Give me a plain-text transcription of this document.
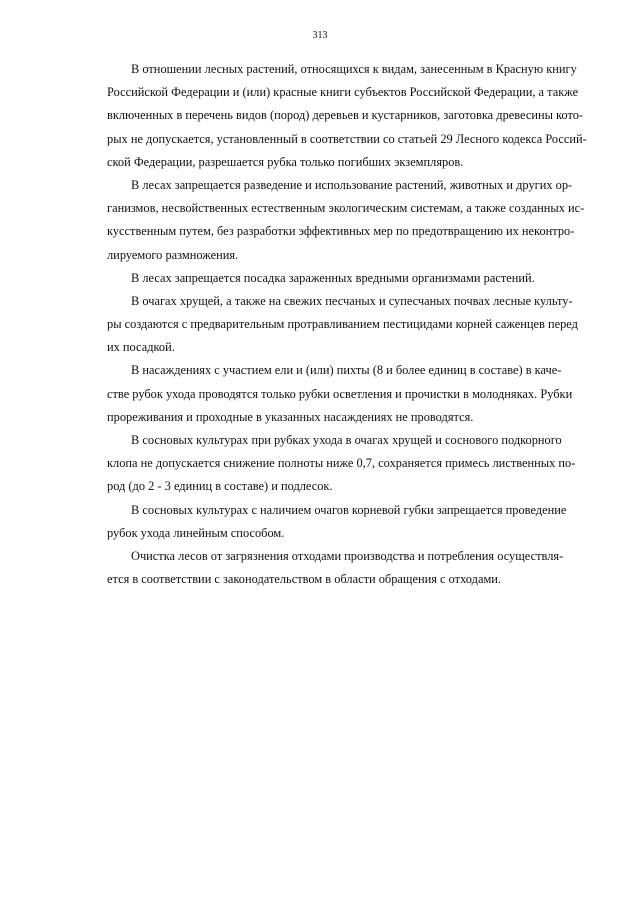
313
В отношении лесных растений, относящихся к видам, занесенным в Красную книгу
Российской Федерации и (или) красные книги субъектов Российской Федерации, а также
включенных в перечень видов (пород) деревьев и кустарников, заготовка древесины кото-
рых не допускается, установленный в соответствии со статьей 29 Лесного кодекса Россий-
ской Федерации, разрешается рубка только погибших экземпляров.
В лесах запрещается разведение и использование растений, животных и других ор-
ганизмов, несвойственных естественным экологическим системам, а также созданных ис-
кусственным путем, без разработки эффективных мер по предотвращению их неконтро-
лируемого размножения.
В лесах запрещается посадка зараженных вредными организмами растений.
В очагах хрущей, а также на свежих песчаных и супесчаных почвах лесные культу-
ры создаются с предварительным протравливанием пестицидами корней саженцев перед
их посадкой.
В насаждениях с участием ели и (или) пихты (8 и более единиц в составе) в каче-
стве рубок ухода проводятся только рубки осветления и прочистки в молодняках. Рубки
прореживания и проходные в указанных насаждениях не проводятся.
В сосновых культурах при рубках ухода в очагах хрущей и соснового подкорного
клопа не допускается снижение полноты ниже 0,7, сохраняется примесь лиственных по-
род (до 2 - 3 единиц в составе) и подлесок.
В сосновых культурах с наличием очагов корневой губки запрещается проведение
рубок ухода линейным способом.
Очистка лесов от загрязнения отходами производства и потребления осуществля-
ется в соответствии с законодательством в области обращения с отходами.
